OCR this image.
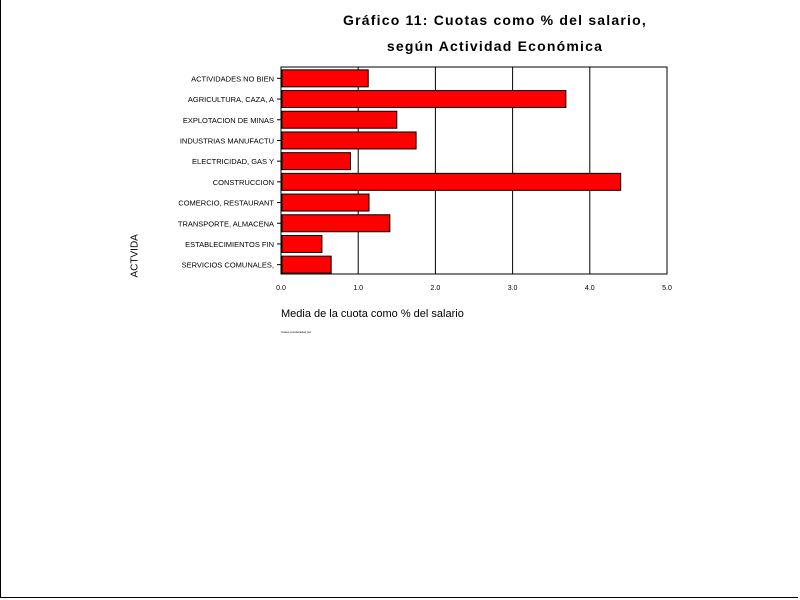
Gráfico 11: Cuotas como % del salario,
según Actividad Económica
ACTIVIDADES NO BIEN
AGRICULTURA, CAZA, A
EXPLOTACION DE MINAS
INDUSTRIAS MANUFACTU
ELECTRICIDAD, GAS Y
CONSTRUCCION
COMERCIO, RESTAURANT
TRANSPORTE, ALMACENA
ESTABLECIMIENTOS FIN
SERVICIOS COMUNALES,
0.0	1.0	2.0	3.0	4.0	5.0
Media de la cuota como % del salario
ACTVIDA
Casos ponderados por
